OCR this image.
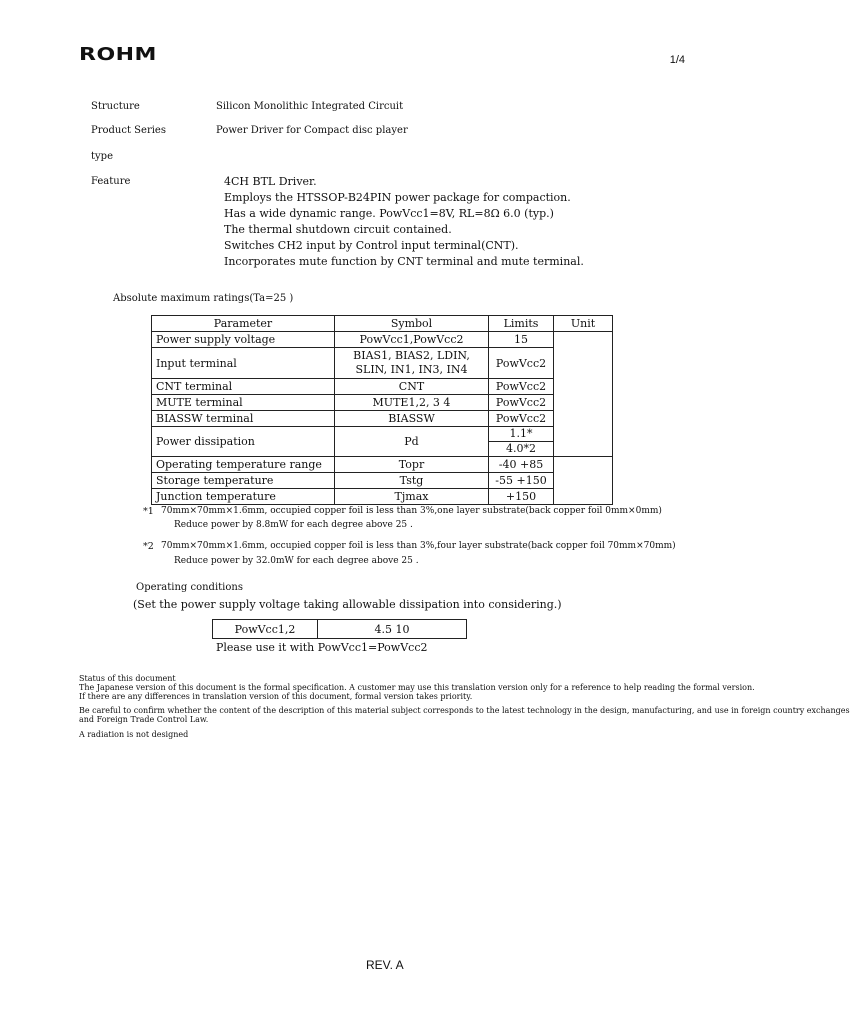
ROHM	1/4
Structure	Silicon Monolithic Integrated Circuit
Product Series	Power Driver for Compact disc player
type
Feature	4CH BTL Driver.
Employs the HTSSOP-B24PIN power package for compaction.
Has a wide dynamic range. PowVcc1=8V, RL=8Ω 6.0 (typ.)
The thermal shutdown circuit contained.
Switches CH2 input by Control input terminal(CNT).
Incorporates mute function by CNT terminal and mute terminal.
Absolute maximum ratings(Ta=25 )
Parameter	Symbol	Limits	Unit
Power supply voltage	PowVcc1,PowVcc2	15	
Input terminal	BIAS1, BIAS2, LDIN,
SLIN, IN1, IN3, IN4	PowVcc2	
CNT terminal	CNT	PowVcc2	
MUTE terminal	MUTE1,2, 3 4	PowVcc2	
BIASSW terminal	BIASSW	PowVcc2	
Power dissipation	Pd	1.1*
4.0*2	

Operating temperature range	Topr	-40 +85	
Storage temperature	Tstg	-55 +150	
Junction temperature	Tjmax	+150	
*1 70mm×70mm×1.6mm, occupied copper foil is less than 3%,one layer substrate(back copper foil 0mm×0mm)
Reduce power by 8.8mW for each degree above 25 .
*2 70mm×70mm×1.6mm, occupied copper foil is less than 3%,four layer substrate(back copper foil 70mm×70mm)
Reduce power by 32.0mW for each degree above 25 .
Operating conditions
(Set the power supply voltage taking allowable dissipation into considering.)
PowVcc1,2	4.5 10
Please use it with PowVcc1=PowVcc2
Status of this document
The Japanese version of this document is the formal specification. A customer may use this translation version only for a reference to help reading the formal version.
If there are any differences in translation version of this document, formal version takes priority.
Be careful to confirm whether the content of the description of this material subject corresponds to the latest technology in the design, manufacturing, and use in foreign country exchanges
and Foreign Trade Control Law.
A radiation is not designed
REV. A
